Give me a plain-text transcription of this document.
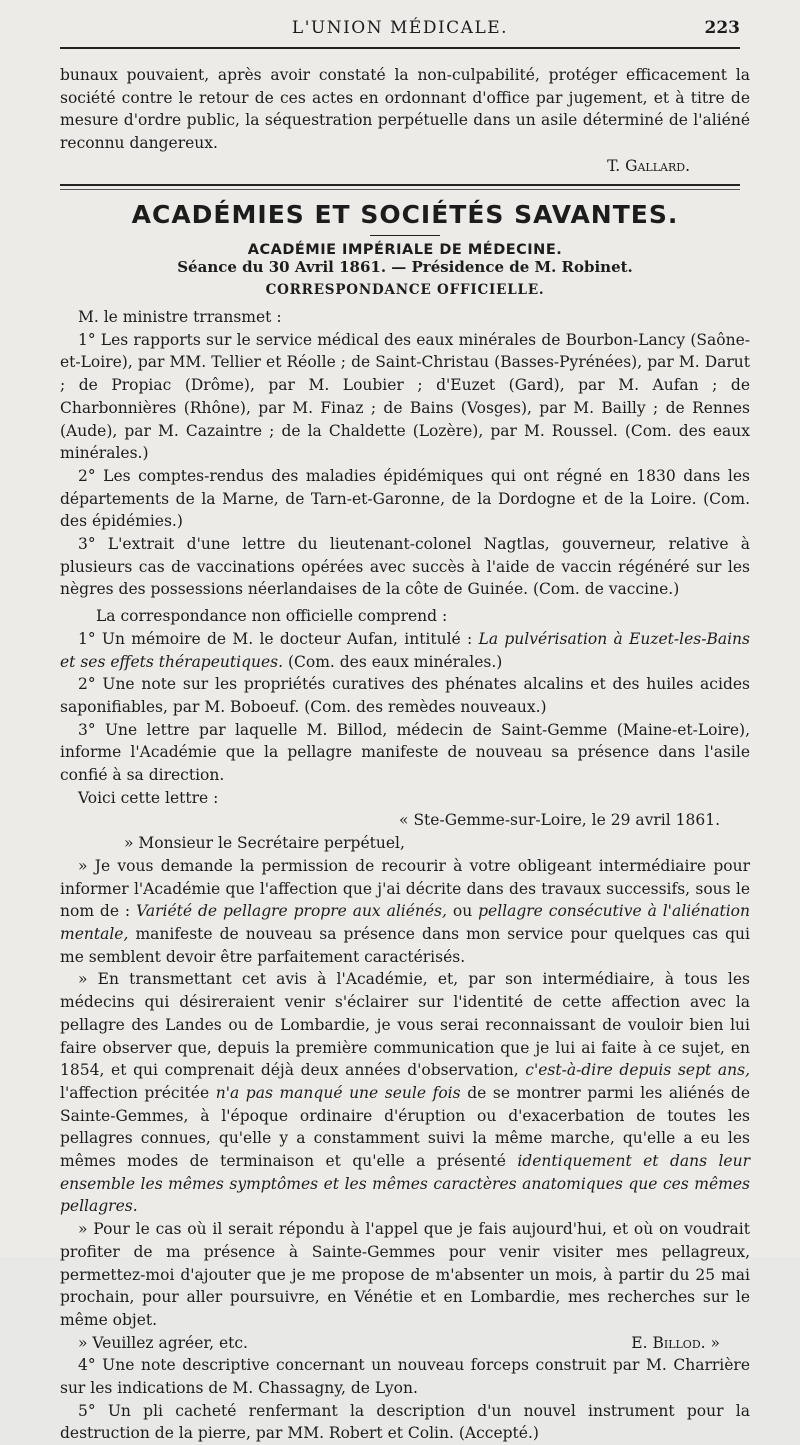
L'UNION MÉDICALE.	223

bunaux pouvaient, après avoir constaté la non-culpabilité, protéger efficacement la société contre le retour de ces actes en ordonnant d'office par jugement, et à titre de mesure d'ordre public, la séquestration perpétuelle dans un asile déterminé de l'aliéné reconnu dangereux.

T. Gallard.

ACADÉMIES ET SOCIÉTÉS SAVANTES.
ACADÉMIE IMPÉRIALE DE MÉDECINE.
Séance du 30 Avril 1861. — Présidence de M. Robinet.
CORRESPONDANCE OFFICIELLE.

M. le ministre trransmet :

1° Les rapports sur le service médical des eaux minérales de Bourbon-Lancy (Saône-et-Loire), par MM. Tellier et Réolle ; de Saint-Christau (Basses-Pyrénées), par M. Darut ; de Propiac (Drôme), par M. Loubier ; d'Euzet (Gard), par M. Aufan ; de Charbonnières (Rhône), par M. Finaz ; de Bains (Vosges), par M. Bailly ; de Rennes (Aude), par M. Cazaintre ; de la Chaldette (Lozère), par M. Roussel. (Com. des eaux minérales.)

2° Les comptes-rendus des maladies épidémiques qui ont régné en 1830 dans les départements de la Marne, de Tarn-et-Garonne, de la Dordogne et de la Loire. (Com. des épidémies.)

3° L'extrait d'une lettre du lieutenant-colonel Nagtlas, gouverneur, relative à plusieurs cas de vaccinations opérées avec succès à l'aide de vaccin régénéré sur les nègres des possessions néerlandaises de la côte de Guinée. (Com. de vaccine.)

La correspondance non officielle comprend :

1° Un mémoire de M. le docteur Aufan, intitulé : La pulvérisation à Euzet-les-Bains et ses effets thérapeutiques. (Com. des eaux minérales.)

2° Une note sur les propriétés curatives des phénates alcalins et des huiles acides saponifiables, par M. Boboeuf. (Com. des remèdes nouveaux.)

3° Une lettre par laquelle M. Billod, médecin de Saint-Gemme (Maine-et-Loire), informe l'Académie que la pellagre manifeste de nouveau sa présence dans l'asile confié à sa direction.

Voici cette lettre :

« Ste-Gemme-sur-Loire, le 29 avril 1861.

» Monsieur le Secrétaire perpétuel,

» Je vous demande la permission de recourir à votre obligeant intermédiaire pour informer l'Académie que l'affection que j'ai décrite dans des travaux successifs, sous le nom de : Variété de pellagre propre aux aliénés, ou pellagre consécutive à l'aliénation mentale, manifeste de nouveau sa présence dans mon service pour quelques cas qui me semblent devoir être parfaitement caractérisés.

» En transmettant cet avis à l'Académie, et, par son intermédiaire, à tous les médecins qui désireraient venir s'éclairer sur l'identité de cette affection avec la pellagre des Landes ou de Lombardie, je vous serai reconnaissant de vouloir bien lui faire observer que, depuis la première communication que je lui ai faite à ce sujet, en 1854, et qui comprenait déjà deux années d'observation, c'est-à-dire depuis sept ans, l'affection précitée n'a pas manqué une seule fois de se montrer parmi les aliénés de Sainte-Gemmes, à l'époque ordinaire d'éruption ou d'exacerbation de toutes les pellagres connues, qu'elle y a constamment suivi la même marche, qu'elle a eu les mêmes modes de terminaison et qu'elle a présenté identiquement et dans leur ensemble les mêmes symptômes et les mêmes caractères anatomiques que ces mêmes pellagres.

» Pour le cas où il serait répondu à l'appel que je fais aujourd'hui, et où on voudrait profiter de ma présence à Sainte-Gemmes pour venir visiter mes pellagreux, permettez-moi d'ajouter que je me propose de m'absenter un mois, à partir du 25 mai prochain, pour aller poursuivre, en Vénétie et en Lombardie, mes recherches sur le même objet.

» Veuillez agréer, etc.	E. Billod. »

4° Une note descriptive concernant un nouveau forceps construit par M. Charrière sur les indications de M. Chassagny, de Lyon.

5° Un pli cacheté renfermant la description d'un nouvel instrument pour la destruction de la pierre, par MM. Robert et Colin. (Accepté.)
